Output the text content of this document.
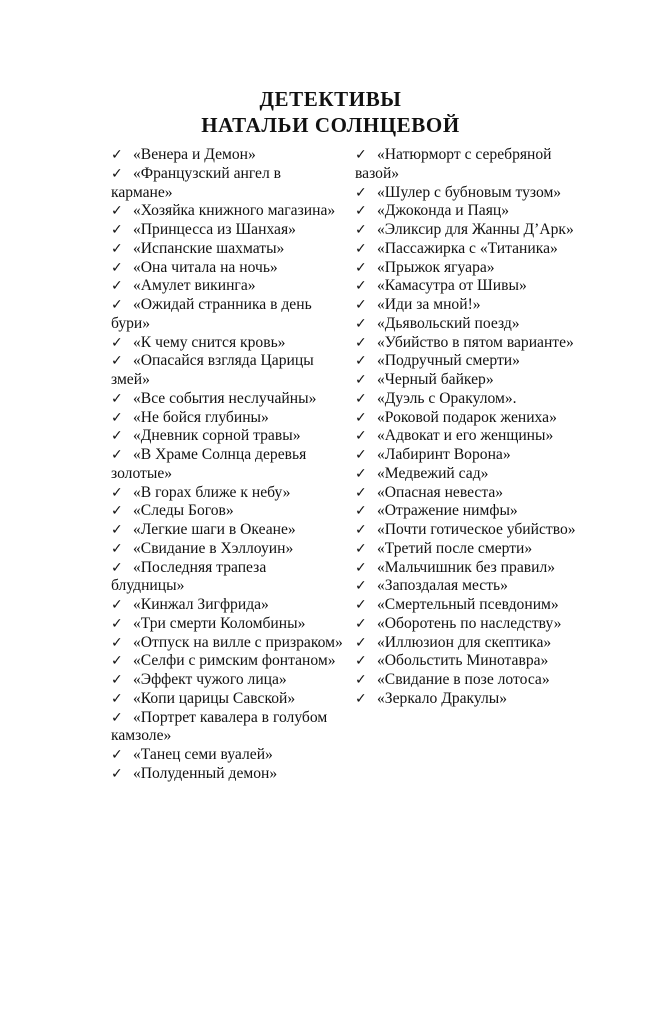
ДЕТЕКТИВЫ
НАТАЛЬИ СОЛНЦЕВОЙ
✓ «Венера и Демон»
✓ «Французский ангел в кармане»
✓ «Хозяйка книжного магазина»
✓ «Принцесса из Шанхая»
✓ «Испанские шахматы»
✓ «Она читала на ночь»
✓ «Амулет викинга»
✓ «Ожидай странника в день бури»
✓ «К чему снится кровь»
✓ «Опасайся взгляда Царицы змей»
✓ «Все события неслучайны»
✓ «Не бойся глубины»
✓ «Дневник сорной травы»
✓ «В Храме Солнца деревья золотые»
✓ «В горах ближе к небу»
✓ «Следы Богов»
✓ «Легкие шаги в Океане»
✓ «Свидание в Хэллоуин»
✓ «Последняя трапеза блудницы»
✓ «Кинжал Зигфрида»
✓ «Три смерти Коломбины»
✓ «Отпуск на вилле с призраком»
✓ «Селфи с римским фонтаном»
✓ «Эффект чужого лица»
✓ «Копи царицы Савской»
✓ «Портрет кавалера в голубом камзоле»
✓ «Танец семи вуалей»
✓ «Полуденный демон»
✓ «Натюрморт с серебряной вазой»
✓ «Шулер с бубновым тузом»
✓ «Джоконда и Паяц»
✓ «Эликсир для Жанны Д’Арк»
✓ «Пассажирка с «Титаника»
✓ «Прыжок ягуара»
✓ «Камасутра от Шивы»
✓ «Иди за мной!»
✓ «Дьявольский поезд»
✓ «Убийство в пятом варианте»
✓ «Подручный смерти»
✓ «Черный байкер»
✓ «Дуэль с Оракулом».
✓ «Роковой подарок жениха»
✓ «Адвокат и его женщины»
✓ «Лабиринт Ворона»
✓ «Медвежий сад»
✓ «Опасная невеста»
✓ «Отражение нимфы»
✓ «Почти готическое убийство»
✓ «Третий после смерти»
✓ «Мальчишник без правил»
✓ «Запоздалая месть»
✓ «Смертельный псевдоним»
✓ «Оборотень по наследству»
✓ «Иллюзион для скептика»
✓ «Обольстить Минотавра»
✓ «Свидание в позе лотоса»
✓ «Зеркало Дракулы»
